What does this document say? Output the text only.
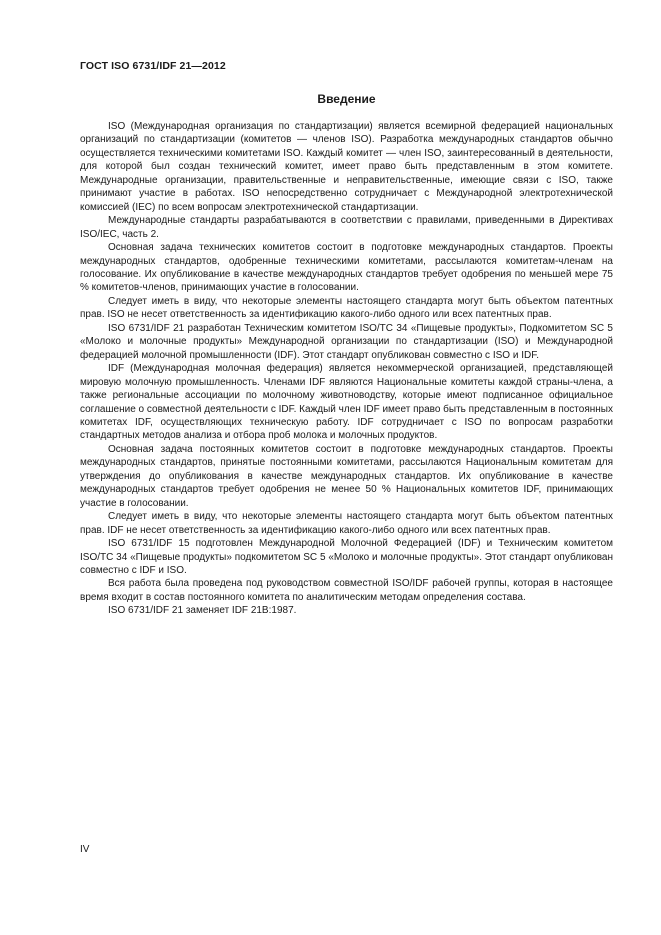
ГОСТ ISO 6731/IDF 21—2012
Введение

ISO (Международная организация по стандартизации) является всемирной федерацией национальных организаций по стандартизации (комитетов — членов ISO). Разработка международных стандартов обычно осуществляется техническими комитетами ISO. Каждый комитет — член ISO, заинтересованный в деятельности, для которой был создан технический комитет, имеет право быть представленным в этом комитете. Международные организации, правительственные и неправительственные, имеющие связи с ISO, также принимают участие в работах. ISO непосредственно сотрудничает с Международной электротехнической комиссией (IEC) по всем вопросам электротехнической стандартизации.

Международные стандарты разрабатываются в соответствии с правилами, приведенными в Директивах ISO/IEC, часть 2.

Основная задача технических комитетов состоит в подготовке международных стандартов. Проекты международных стандартов, одобренные техническими комитетами, рассылаются комитетам-членам на голосование. Их опубликование в качестве международных стандартов требует одобрения по меньшей мере 75 % комитетов-членов, принимающих участие в голосовании.

Следует иметь в виду, что некоторые элементы настоящего стандарта могут быть объектом патентных прав. ISO не несет ответственность за идентификацию какого-либо одного или всех патентных прав.

ISO 6731/IDF 21 разработан Техническим комитетом ISO/TC 34 «Пищевые продукты», Подкомитетом SC 5 «Молоко и молочные продукты» Международной организации по стандартизации (ISO) и Международной федерацией молочной промышленности (IDF). Этот стандарт опубликован совместно с ISO и IDF.

IDF (Международная молочная федерация) является некоммерческой организацией, представляющей мировую молочную промышленность. Членами IDF являются Национальные комитеты каждой страны-члена, а также региональные ассоциации по молочному животноводству, которые имеют подписанное официальное соглашение о совместной деятельности с IDF. Каждый член IDF имеет право быть представленным в постоянных комитетах IDF, осуществляющих техническую работу. IDF сотрудничает с ISO по вопросам разработки стандартных методов анализа и отбора проб молока и молочных продуктов.

Основная задача постоянных комитетов состоит в подготовке международных стандартов. Проекты международных стандартов, принятые постоянными комитетами, рассылаются Национальным комитетам для утверждения до опубликования в качестве международных стандартов. Их опубликование в качестве международных стандартов требует одобрения не менее 50 % Национальных комитетов IDF, принимающих участие в голосовании.

Следует иметь в виду, что некоторые элементы настоящего стандарта могут быть объектом патентных прав. IDF не несет ответственность за идентификацию какого-либо одного или всех патентных прав.

ISO 6731/IDF 15 подготовлен Международной Молочной Федерацией (IDF) и Техническим комитетом ISO/TC 34 «Пищевые продукты» подкомитетом SC 5 «Молоко и молочные продукты». Этот стандарт опубликован совместно с IDF и ISO.

Вся работа была проведена под руководством совместной ISO/IDF рабочей группы, которая в настоящее время входит в состав постоянного комитета по аналитическим методам определения состава.

ISO 6731/IDF 21 заменяет IDF 21B:1987.

IV
